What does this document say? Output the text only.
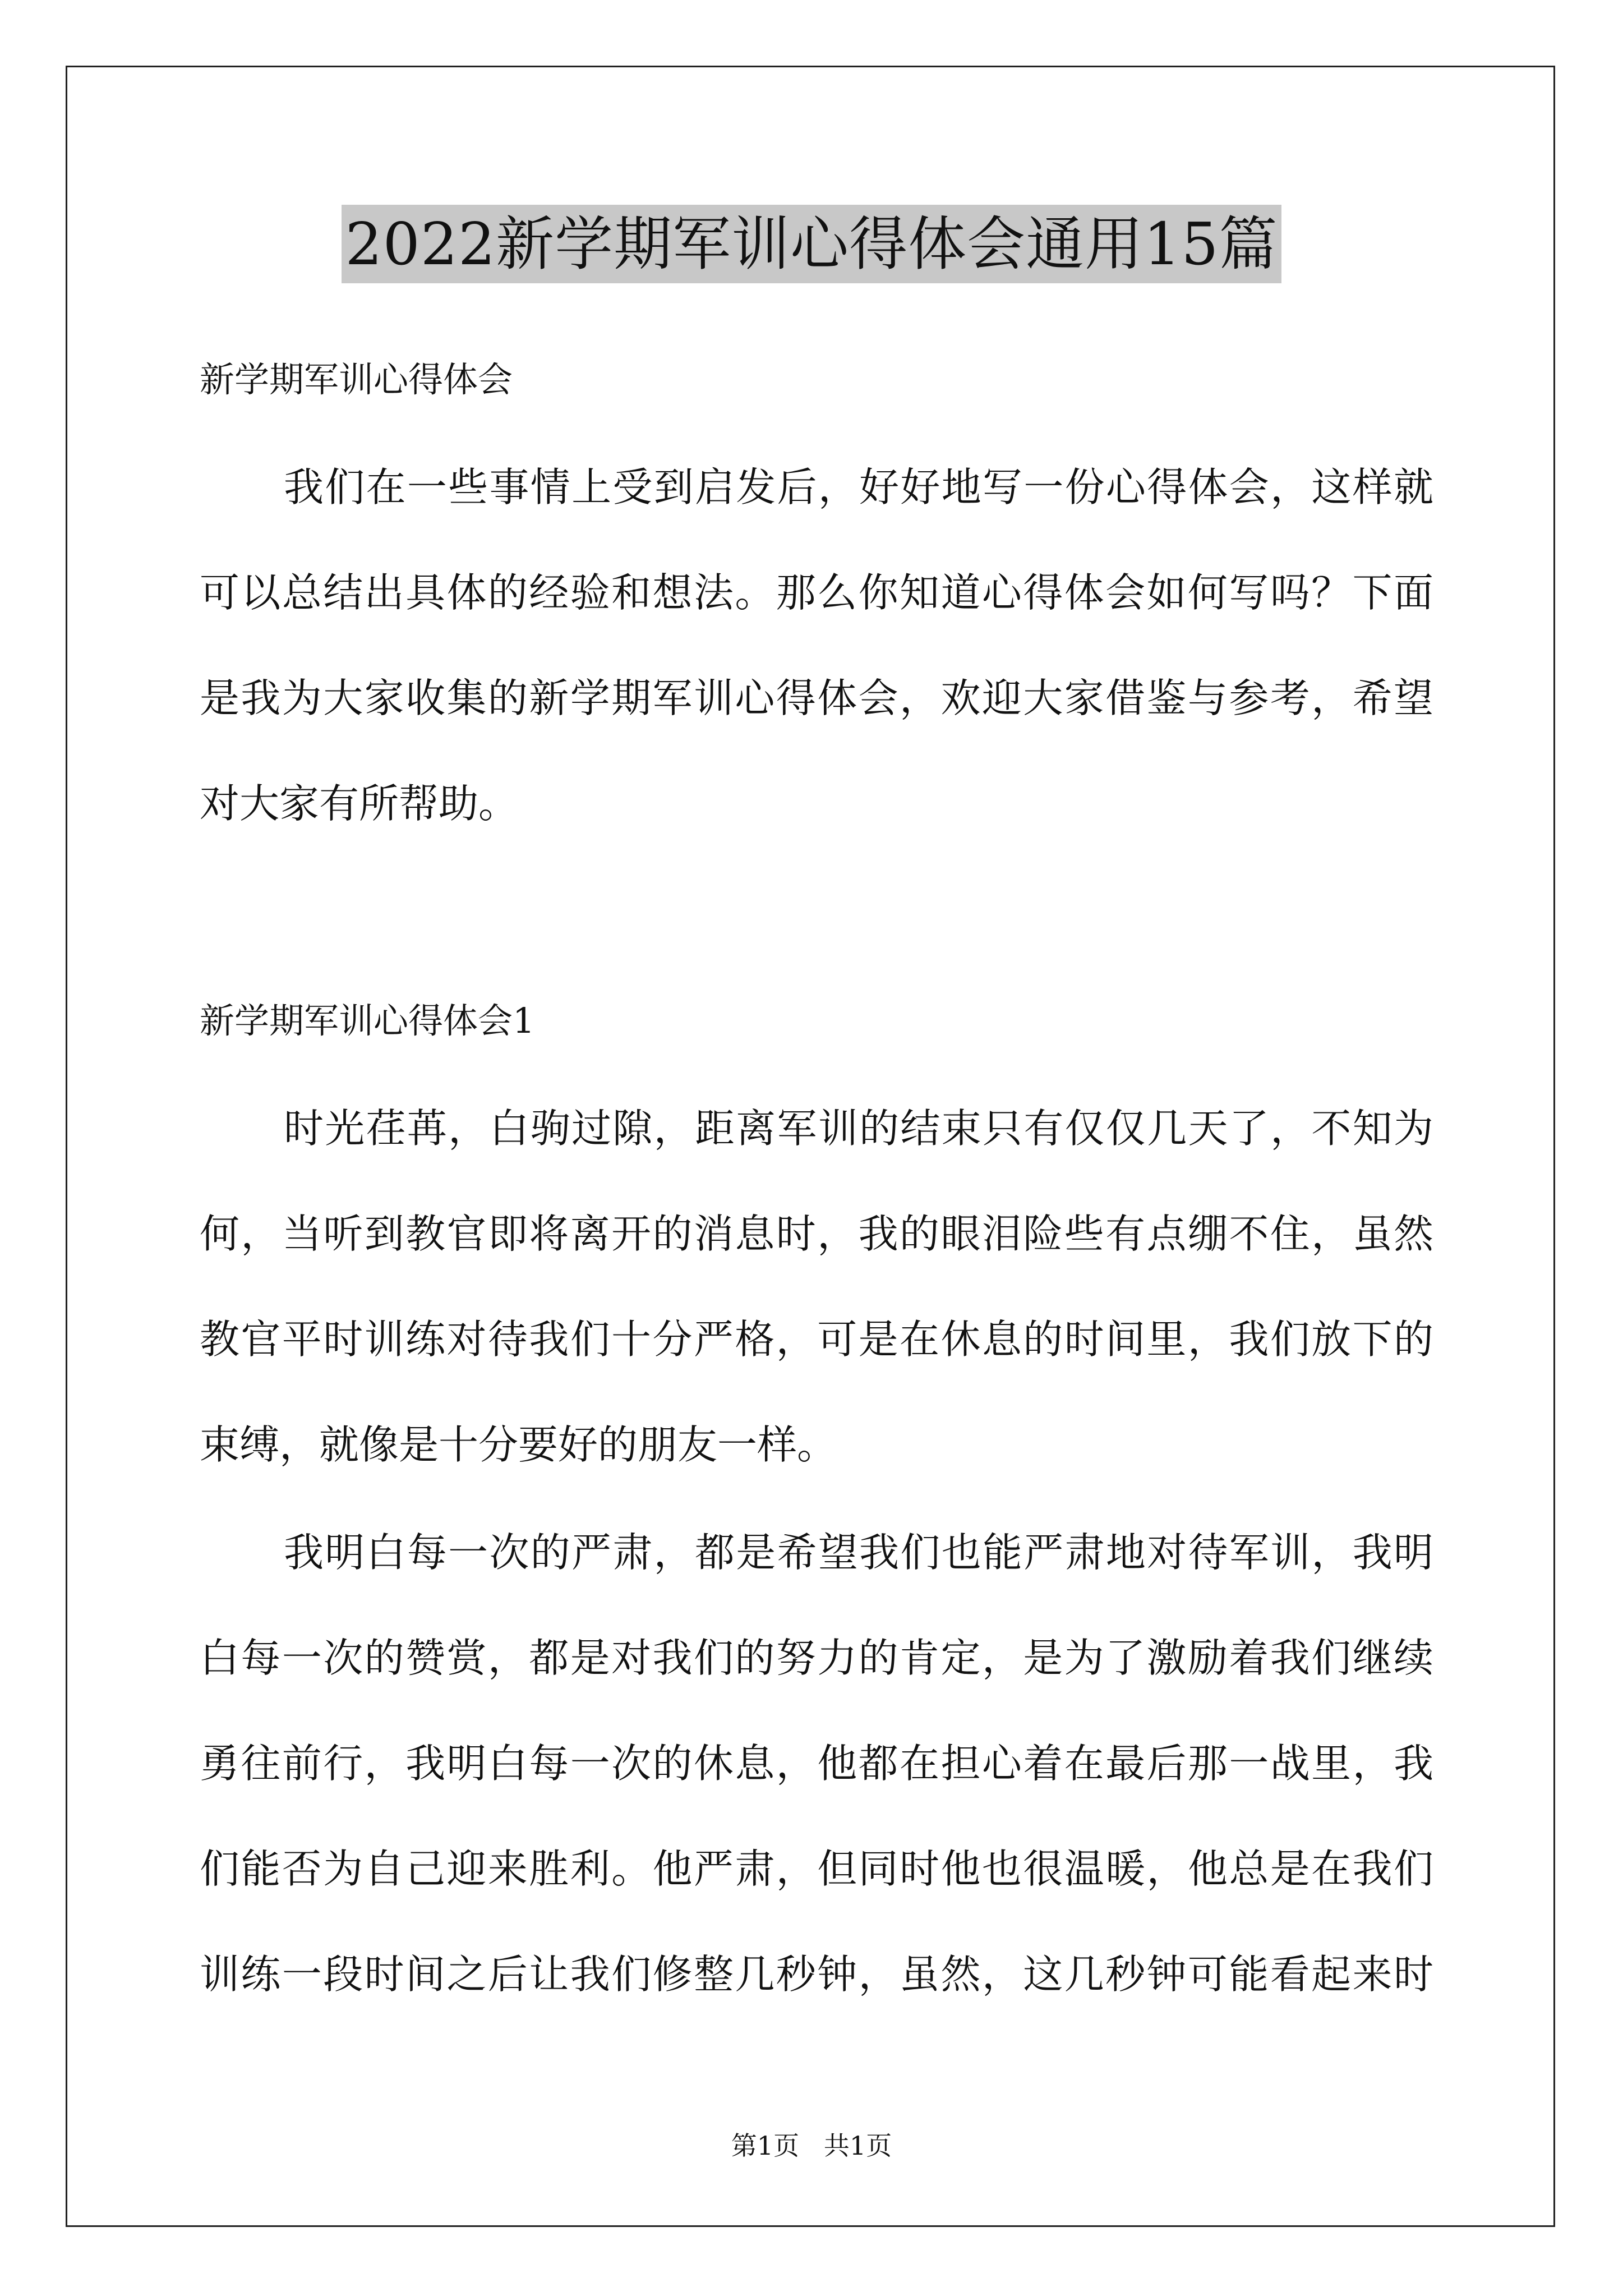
2022新学期军训心得体会通用15篇
新学期军训心得体会
我们在一些事情上受到启发后，好好地写一份心得体会，这样就
可以总结出具体的经验和想法。那么你知道心得体会如何写吗？下面
是我为大家收集的新学期军训心得体会，欢迎大家借鉴与参考，希望
对大家有所帮助。
新学期军训心得体会1
时光荏苒，白驹过隙，距离军训的结束只有仅仅几天了，不知为
何，当听到教官即将离开的消息时，我的眼泪险些有点绷不住，虽然
教官平时训练对待我们十分严格，可是在休息的时间里，我们放下的
束缚，就像是十分要好的朋友一样。
我明白每一次的严肃，都是希望我们也能严肃地对待军训，我明
白每一次的赞赏，都是对我们的努力的肯定，是为了激励着我们继续
勇往前行，我明白每一次的休息，他都在担心着在最后那一战里，我
们能否为自己迎来胜利。他严肃，但同时他也很温暖，他总是在我们
训练一段时间之后让我们修整几秒钟，虽然，这几秒钟可能看起来时
第1页   共1页
